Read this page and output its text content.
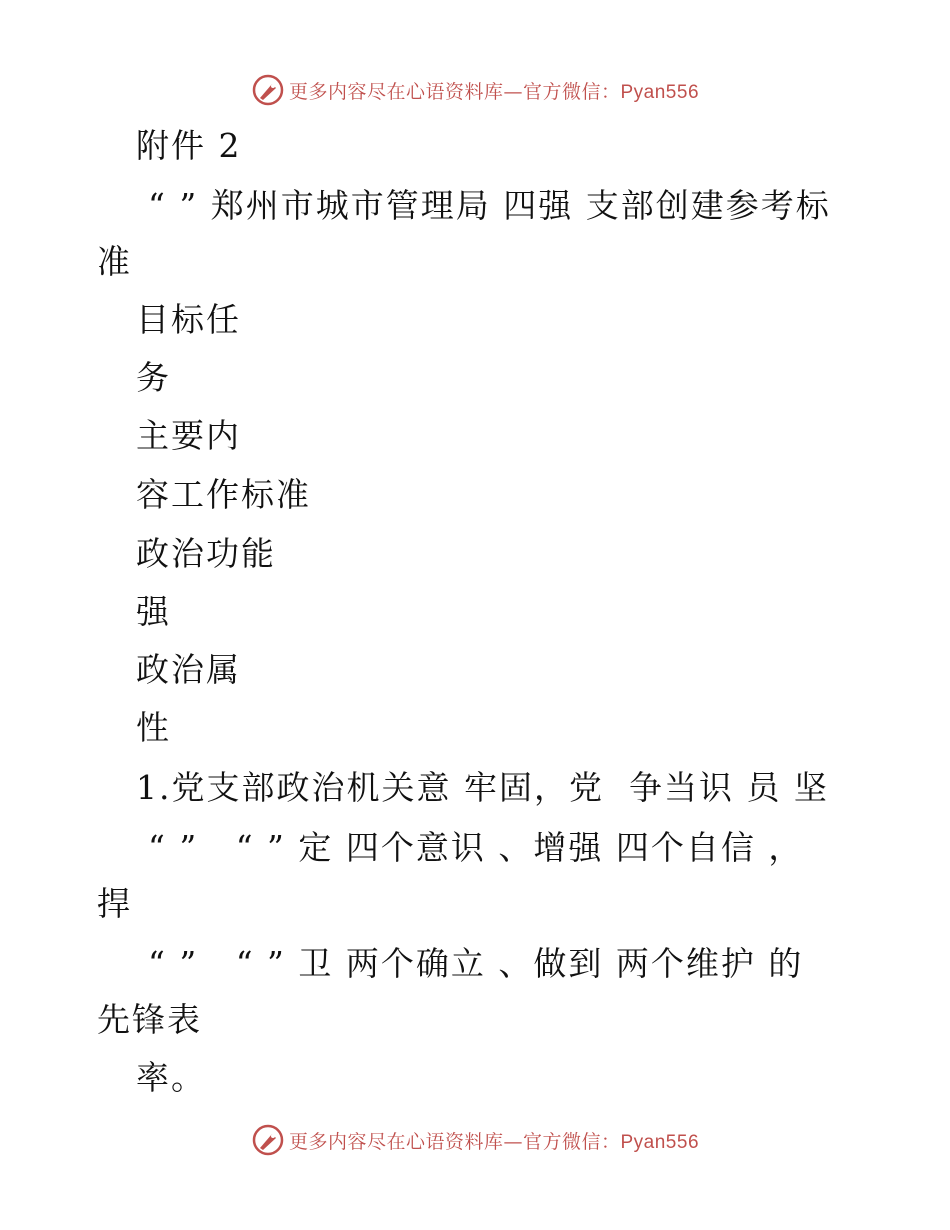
更多内容尽在心语资料库—官方微信：Pyan556
附件 2
“ ” 郑州市城市管理局 四强 支部创建参考标
准
目标任
务
主要内
容工作标准
政治功能
强
政治属
性
1.党支部政治机关意 牢固，党  争当识 员 坚
“ ”   “ ” 定 四个意识 、增强 四个自信 ，
捍
“ ”   “ ” 卫 两个确立 、做到 两个维护 的
先锋表
率。
更多内容尽在心语资料库—官方微信：Pyan556
